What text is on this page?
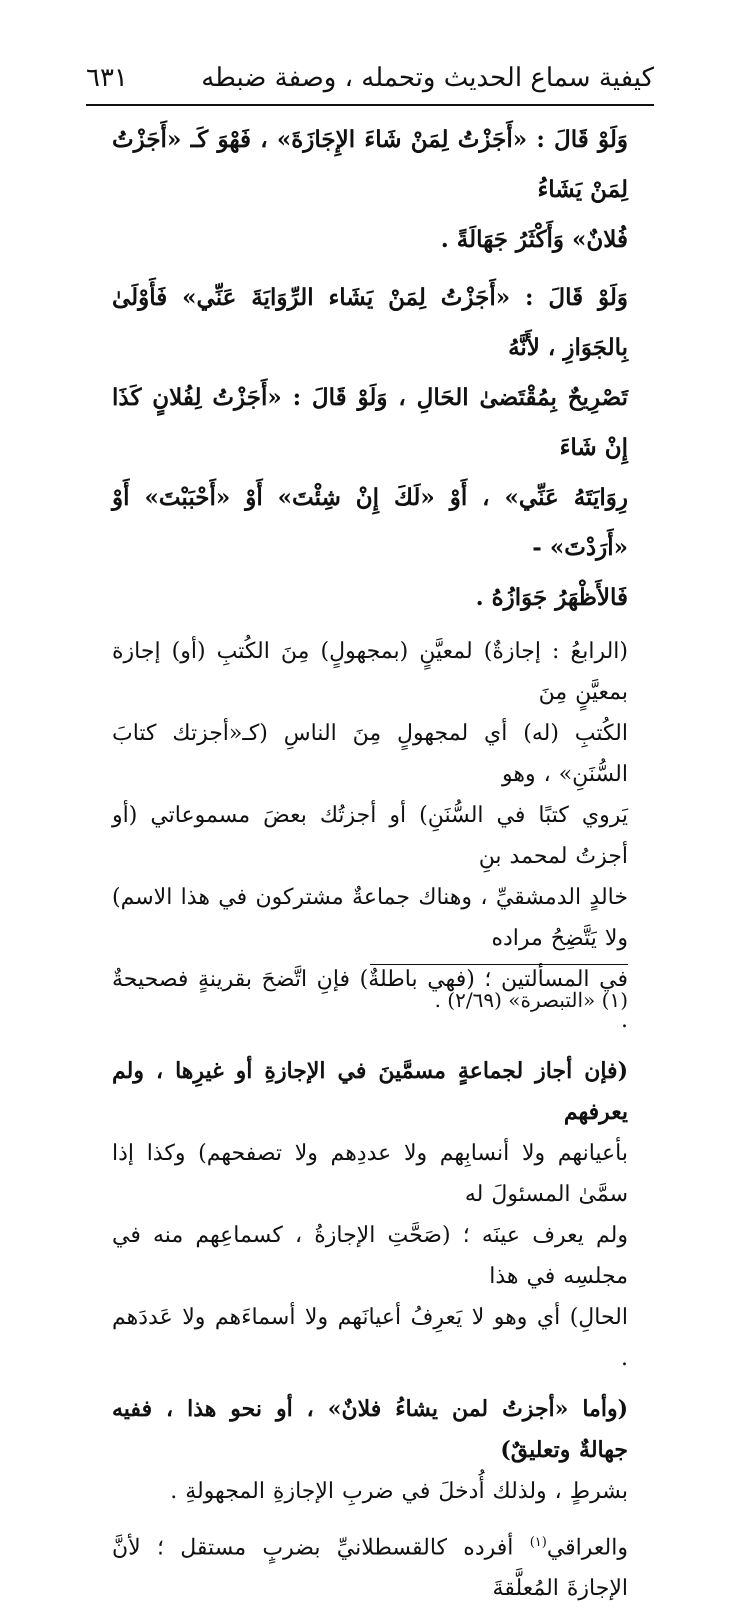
كيفية سماع الحديث وتحمله ، وصفة ضبطه
٦٣١
وَلَوْ قَالَ : «أَجَزْتُ لِمَنْ شَاءَ الإِجَازَةَ» ، فَهْوَ كَـ «أَجَزْتُ لِمَنْ يَشَاءُ
فُلانٌ» وَأَكْثَرُ جَهَالَةً .
وَلَوْ قَالَ : «أَجَزْتُ لِمَنْ يَشَاء الرِّوَايَةَ عَنِّي» فَأَوْلَىٰ بِالجَوَازِ ، لأَنَّهُ
تَصْرِيحٌ بِمُقْتَضىٰ الحَالِ ، وَلَوْ قَالَ : «أَجَزْتُ لِفُلانٍ كَذَا إِنْ شَاءَ
رِوَايَتَهُ عَنِّي» ، أَوْ «لَكَ إِنْ شِئْتَ» أَوْ «أَحْبَبْتَ» أَوْ «أَرَدْتَ» -
فَالأَظْهَرُ جَوَازُهُ .
(الرابعُ : إجازةٌ) لمعيَّنٍ (بمجهولٍ) مِنَ الكُتبِ (أو) إجازة بمعيَّنٍ مِنَ
الكُتبِ (له) أي لمجهولٍ مِنَ الناسِ (كـ«أجزتك كتابَ السُّنَنِ» ، وهو
يَروي كتبًا في السُّنَنِ) أو أجزتُك بعضَ مسموعاتي (أو أجزتُ لمحمد بنِ
خالدٍ الدمشقيِّ ، وهناك جماعةٌ مشتركون في هذا الاسم) ولا يَتَّضِحُ مراده
في المسألتين ؛ (فهي باطلةٌ) فإنِ اتَّضحَ بقرينةٍ فصحيحةٌ .
(فإن أجاز لجماعةٍ مسمَّينَ في الإجازةِ أو غيرِها ، ولم يعرفهم
بأعيانهم ولا أنسابِهم ولا عددِهم ولا تصفحهم) وكذا إذا سمَّىٰ المسئولَ له
ولم يعرف عينَه ؛ (صَحَّتِ الإجازةُ ، كسماعِهم منه في مجلسِه في هذا
الحالِ) أي وهو لا يَعرِفُ أعيانَهم ولا أسماءَهم ولا عَددَهم .
(وأما «أجزتُ لمن يشاءُ فلانٌ» ، أو نحو هذا ، ففيه جهالةٌ وتعليقٌ)
بشرطٍ ، ولذلك أُدخلَ في ضربِ الإجازةِ المجهولةِ .
والعراقي$^{(١)}$ أفرده كالقسطلانيِّ بضربٍ مستقل ؛ لأنَّ الإجازةَ المُعلَّقةَ
(١) «التبصرة» (٢/٦٩) .
